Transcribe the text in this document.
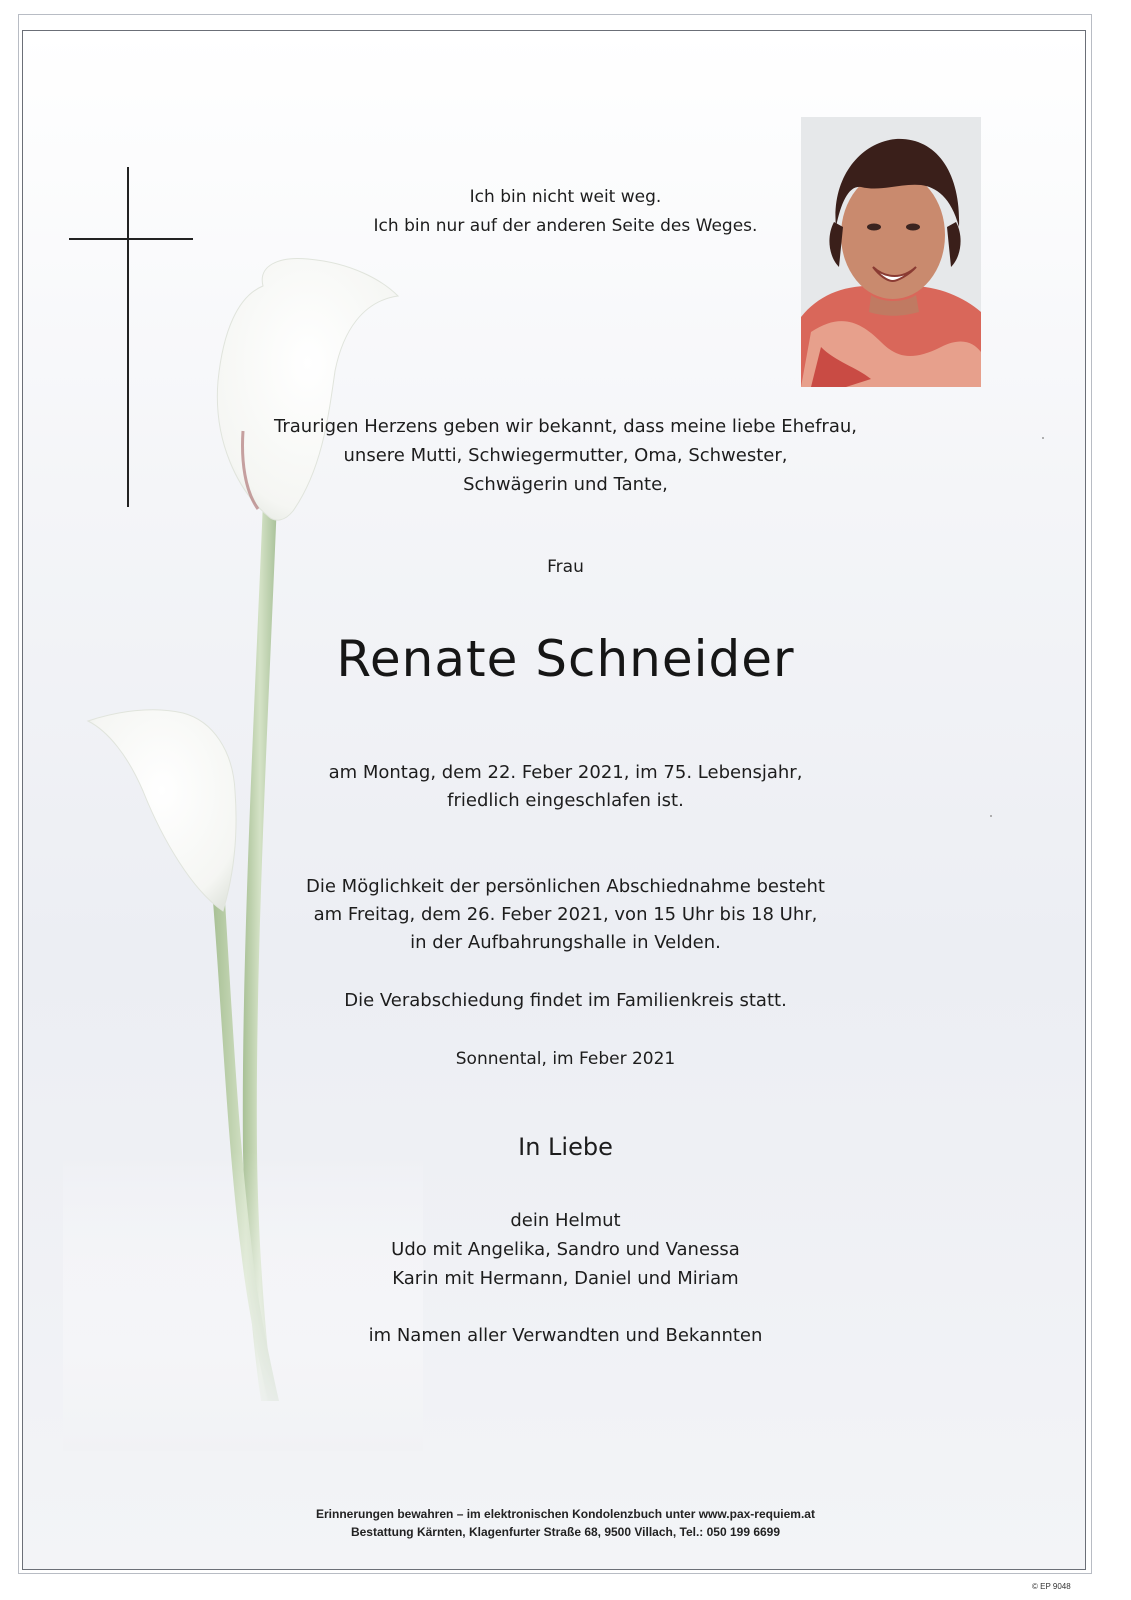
Ich bin nicht weit weg.
Ich bin nur auf der anderen Seite des Weges.
Traurigen Herzens geben wir bekannt, dass meine liebe Ehefrau,
unsere Mutti, Schwiegermutter, Oma, Schwester,
Schwägerin und Tante,
Frau
Renate Schneider
am Montag, dem 22. Feber 2021, im 75. Lebensjahr,
friedlich eingeschlafen ist.
Die Möglichkeit der persönlichen Abschiednahme besteht
am Freitag, dem 26. Feber 2021, von 15 Uhr bis 18 Uhr,
in der Aufbahrungshalle in Velden.
Die Verabschiedung findet im Familienkreis statt.
Sonnental, im Feber 2021
In Liebe
dein Helmut
Udo mit Angelika, Sandro und Vanessa
Karin mit Hermann, Daniel und Miriam
im Namen aller Verwandten und Bekannten
Erinnerungen bewahren – im elektronischen Kondolenzbuch unter www.pax-requiem.at
Bestattung Kärnten, Klagenfurter Straße 68, 9500 Villach, Tel.: 050 199 6699
© EP 9048
